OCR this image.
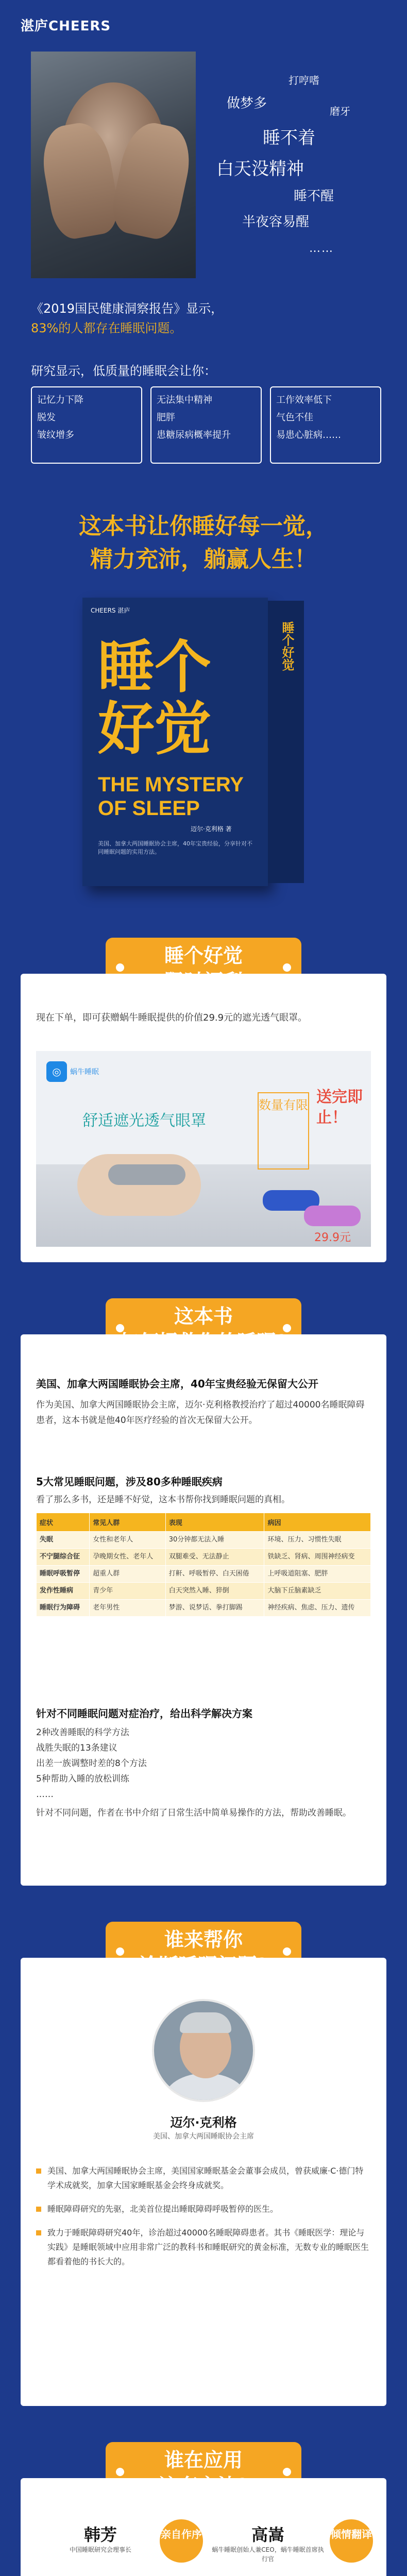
湛庐CHEERS
打哼嗜
做梦多	磨牙
睡不着
白天没精神
睡不醒
半夜容易醒
……
《2019国民健康洞察报告》显示，
83%的人都存在睡眠问题。
研究显示，低质量的睡眠会让你：
记忆力下降
脱发
皱纹增多
无法集中精神
肥胖
患糖尿病概率提升
工作效率低下
气色不佳
易患心脏病……
这本书让你睡好每一觉，
精力充沛，躺赢人生！
CHEERS 湛庐
睡个
好觉
THE MYSTERY OF SLEEP
美国、加拿大两国睡眠协会主席，40年宝贵经验，分享针对不同睡眠问题的实用方法。
迈尔·克利格 著
睡个好觉
睡个好觉
现在下单，即可获赠蜗牛睡眠提供的价值29.9元的遮光透气眼罩。
◎	蜗牛睡眠
舒适遮光透气眼罩
数量有限 送完即止！
29.9元
这本书
美国、加拿大两国睡眠协会主席，40年宝贵经验无保留大公开
作为美国、加拿大两国睡眠协会主席，迈尔·克利格教授治疗了超过40000名睡眠障碍患者，这本书就是他40年医疗经验的首次无保留大公开。
5大常见睡眠问题，涉及80多种睡眠疾病
看了那么多书，还是睡不好觉，这本书帮你找到睡眠问题的真相。
症状	常见人群	表现	病因
失眠	女性和老年人	30分钟都无法入睡	环境、压力、习惯性失眠
不宁腿综合征	孕晚期女性、老年人	双腿难受、无法静止	铁缺乏、肾病、周围神经病变
睡眠呼吸暂停	超重人群	打鼾、呼吸暂停、白天困倦	上呼吸道阻塞、肥胖
发作性睡病	青少年	白天突然入睡、猝倒	大脑下丘脑素缺乏
睡眠行为障碍	老年男性	梦游、说梦话、拳打脚踢	神经疾病、焦虑、压力、遗传
针对不同睡眠问题对症治疗，给出科学解决方案
2种改善睡眠的科学方法
战胜失眠的13条建议
出差一族调整时差的8个方法
5种帮助入睡的放松训练
……
针对不同问题，作者在书中介绍了日常生活中简单易操作的方法，帮助改善睡眠。
谁来帮你
迈尔·克利格
美国、加拿大两国睡眠协会主席
美国、加拿大两国睡眠协会主席，美国国家睡眠基金会董事会成员，曾获威廉·C·德门特学术成就奖，加拿大国家睡眠基金会终身成就奖。
睡眠障碍研究的先驱，北美首位提出睡眠障碍呼吸暂停的医生。
致力于睡眠障碍研究40年，诊治超过40000名睡眠障碍患者。其书《睡眠医学：理论与实践》是睡眠领域中应用非常广泛的教科书和睡眠研究的黄金标准，无数专业的睡眠医生都看着他的书长大的。
谁在应用
韩芳
中国睡眠研究会理事长
亲自作序	高嵩
蜗牛睡眠创始人兼CEO，蜗牛睡眠首席执行官
倾情翻译
